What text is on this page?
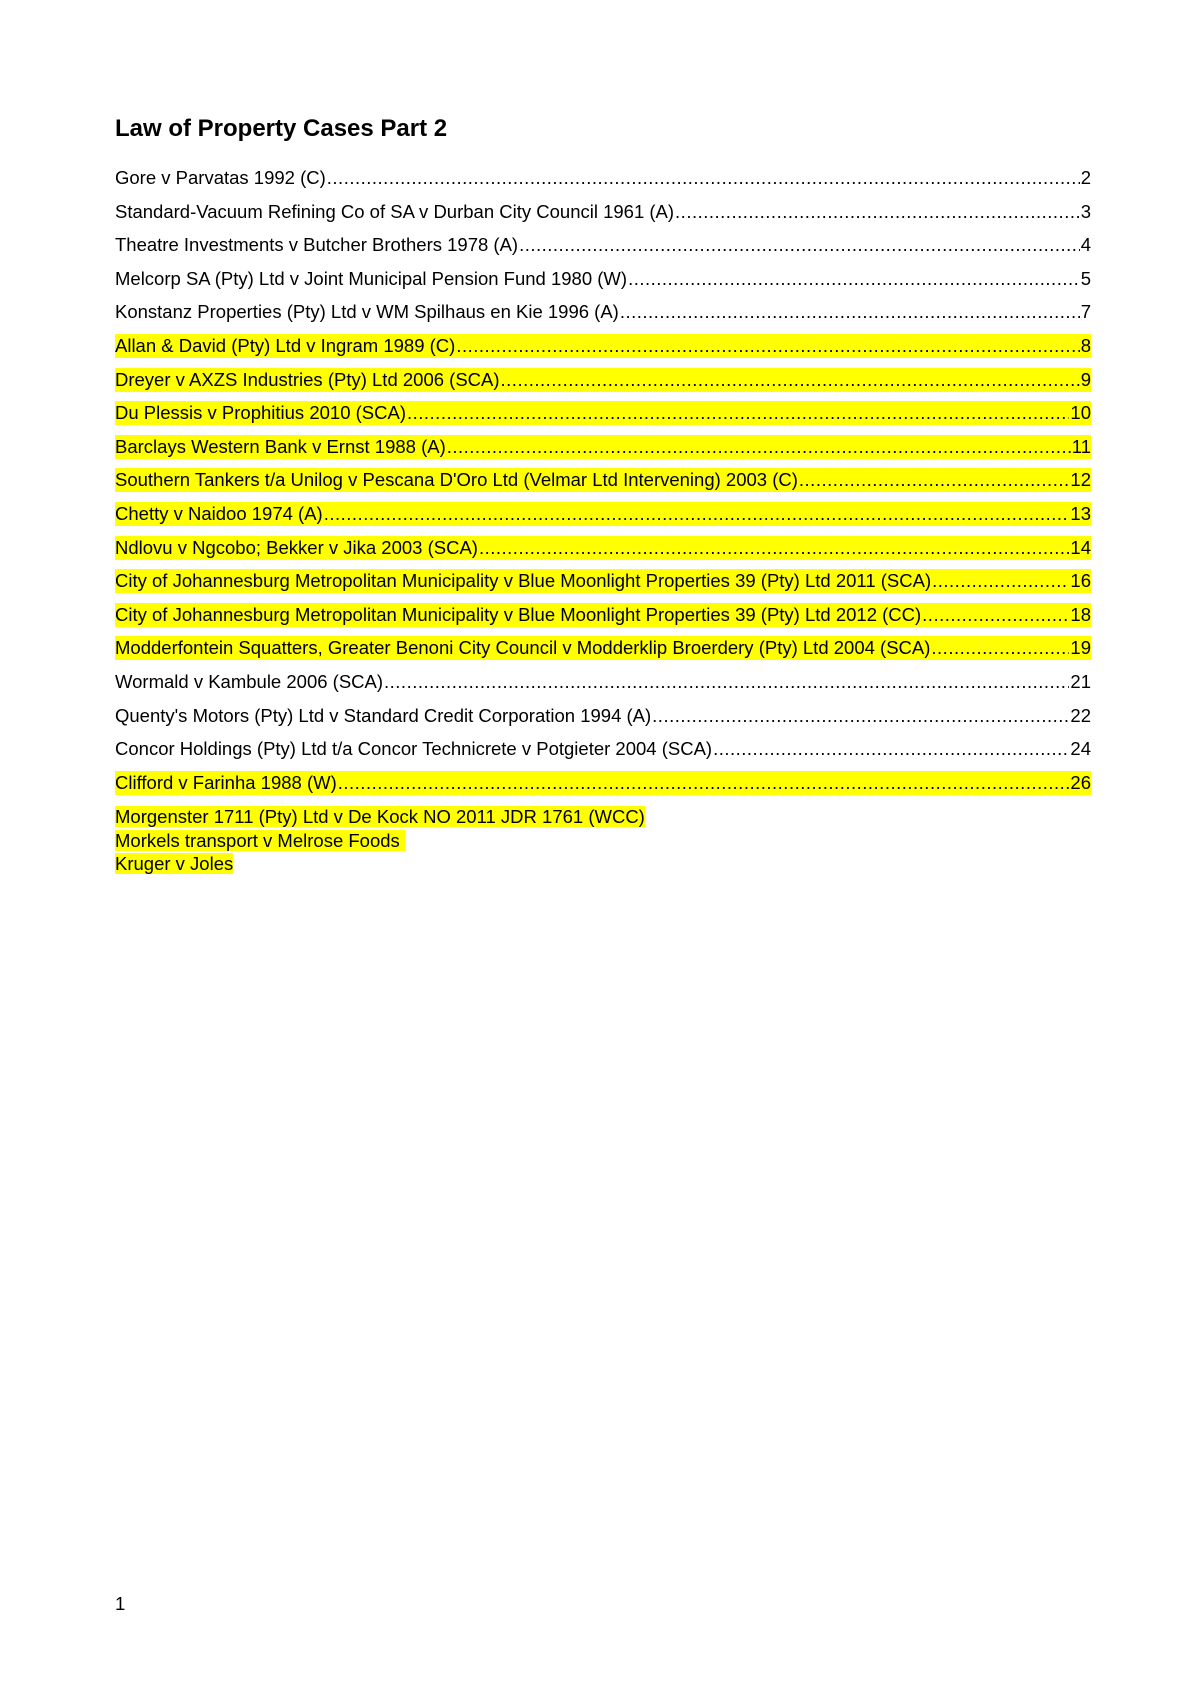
Law of Property Cases Part 2
Gore v Parvatas 1992 (C) .....	2
Standard-Vacuum Refining Co of SA v Durban City Council 1961 (A) .....	3
Theatre Investments v Butcher Brothers 1978 (A) .....	4
Melcorp SA (Pty) Ltd v Joint Municipal Pension Fund 1980 (W) .....	5
Konstanz Properties (Pty) Ltd v WM Spilhaus en Kie 1996 (A) .....	7
Allan & David (Pty) Ltd v Ingram 1989 (C) .....	8
Dreyer v AXZS Industries (Pty) Ltd 2006 (SCA) .....	9
Du Plessis v Prophitius 2010 (SCA) .....	10
Barclays Western Bank v Ernst 1988 (A) .....	11
Southern Tankers t/a Unilog v Pescana D'Oro Ltd (Velmar Ltd Intervening) 2003 (C) .....	12
Chetty v Naidoo 1974 (A) .....	13
Ndlovu v Ngcobo; Bekker v Jika 2003 (SCA) .....	14
City of Johannesburg Metropolitan Municipality v Blue Moonlight Properties 39 (Pty) Ltd 2011 (SCA) .....	16
City of Johannesburg Metropolitan Municipality v Blue Moonlight Properties 39 (Pty) Ltd 2012 (CC) .....	18
Modderfontein Squatters, Greater Benoni City Council v Modderklip Broerdery (Pty) Ltd 2004 (SCA) .....	19
Wormald v Kambule 2006 (SCA) .....	21
Quenty's Motors (Pty) Ltd v Standard Credit Corporation 1994 (A) .....	22
Concor Holdings (Pty) Ltd t/a Concor Technicrete v Potgieter 2004 (SCA) .....	24
Clifford v Farinha 1988 (W) .....	26
Morgenster 1711 (Pty) Ltd v De Kock NO 2011 JDR 1761 (WCC)
Morkels transport v Melrose Foods
Kruger v Joles
1
